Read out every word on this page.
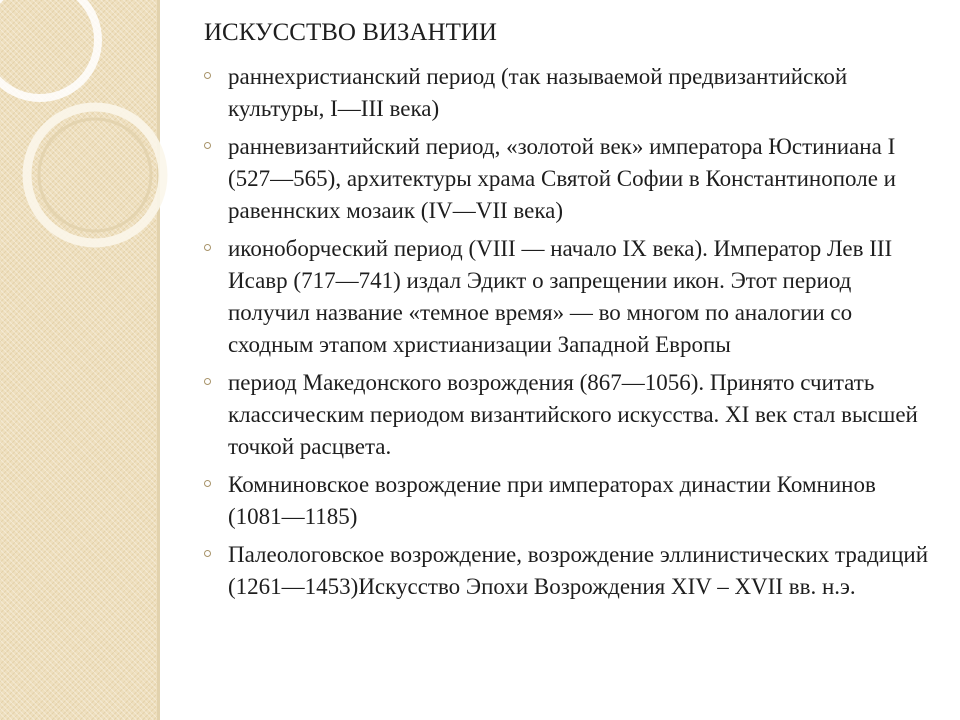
ИСКУССТВО ВИЗАНТИИ
раннехристианский период (так называемой предвизантийской культуры, I—III века)
ранневизантийский период, «золотой век» императора Юстиниана I (527—565), архитектуры храма Святой Софии в Константинополе и равеннских мозаик (IV—VII века)
иконоборческий период (VIII — начало IX века). Император Лев III Исавр (717—741) издал Эдикт о запрещении икон. Этот период получил название «темное время» — во многом по аналогии со сходным этапом христианизации Западной Европы
период Македонского возрождения (867—1056). Принято считать классическим периодом византийского искусства. XI век стал высшей точкой расцвета.
Комниновское возрождение при императорах династии Комнинов (1081—1185)
Палеологовское возрождение, возрождение эллинистических традиций (1261—1453)Искусство Эпохи Возрождения XIV – XVII вв. н.э.
